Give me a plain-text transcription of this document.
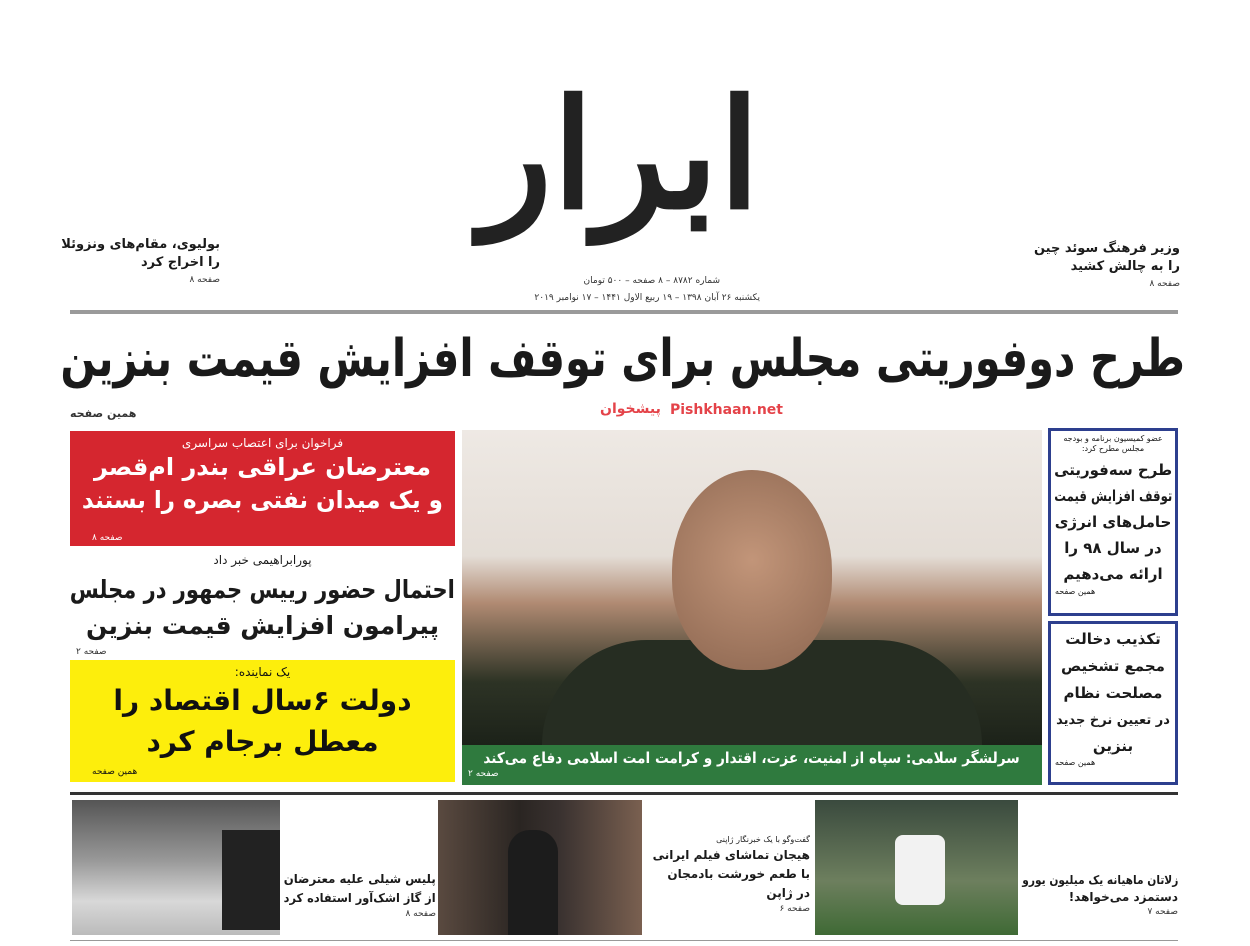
ابرار
شماره ۸۷۸۲ – ۸ صفحه – ۵۰۰ تومان
یکشنبه ۲۶ آبان ۱۳۹۸ – ۱۹ ربیع الاول ۱۴۴۱ – ۱۷ نوامبر ۲۰۱۹
بولیوی، مقام‌های ونزوئلا را اخراج کرد
صفحه ۸
وزیر فرهنگ سوئد چین را به چالش کشید
صفحه ۸
طرح دوفوریتی مجلس برای توقف افزایش قیمت بنزین
پیشخوان Pishkhaan.net
همین صفحه
فراخوان برای اعتصاب سراسری
معترضان عراقی بندر ام‌قصر
و یک میدان نفتی بصره را بستند
صفحه ۸
پورابراهیمی خبر داد
احتمال حضور رییس جمهور در مجلس
پیرامون افزایش قیمت بنزین
صفحه ۲
یک نماینده:
دولت ۶سال اقتصاد را
معطل برجام کرد
همین صفحه
سرلشگر سلامی: سپاه از امنیت، عزت، اقتدار و کرامت امت اسلامی دفاع می‌کند
صفحه ۲
عضو کمیسیون برنامه و بودجه مجلس مطرح کرد:
طرح سه‌فوریتی
توقف افزایش قیمت
حامل‌های انرژی
در سال ۹۸ را
ارائه می‌دهیم
همین صفحه
تکذیب دخالت
مجمع تشخیص
مصلحت نظام
در تعیین نرخ جدید
بنزین
همین صفحه
زلاتان ماهیانه یک میلیون یورو
دستمزد می‌خواهد!
صفحه ۷
گفت‌وگو با یک خبرنگار ژاپنی
هیجان تماشای فیلم ایرانی
با طعم خورشت بادمجان
در ژاپن
صفحه ۶
پلیس شیلی علیه معترضان
از گاز اشک‌آور استفاده کرد
صفحه ۸
